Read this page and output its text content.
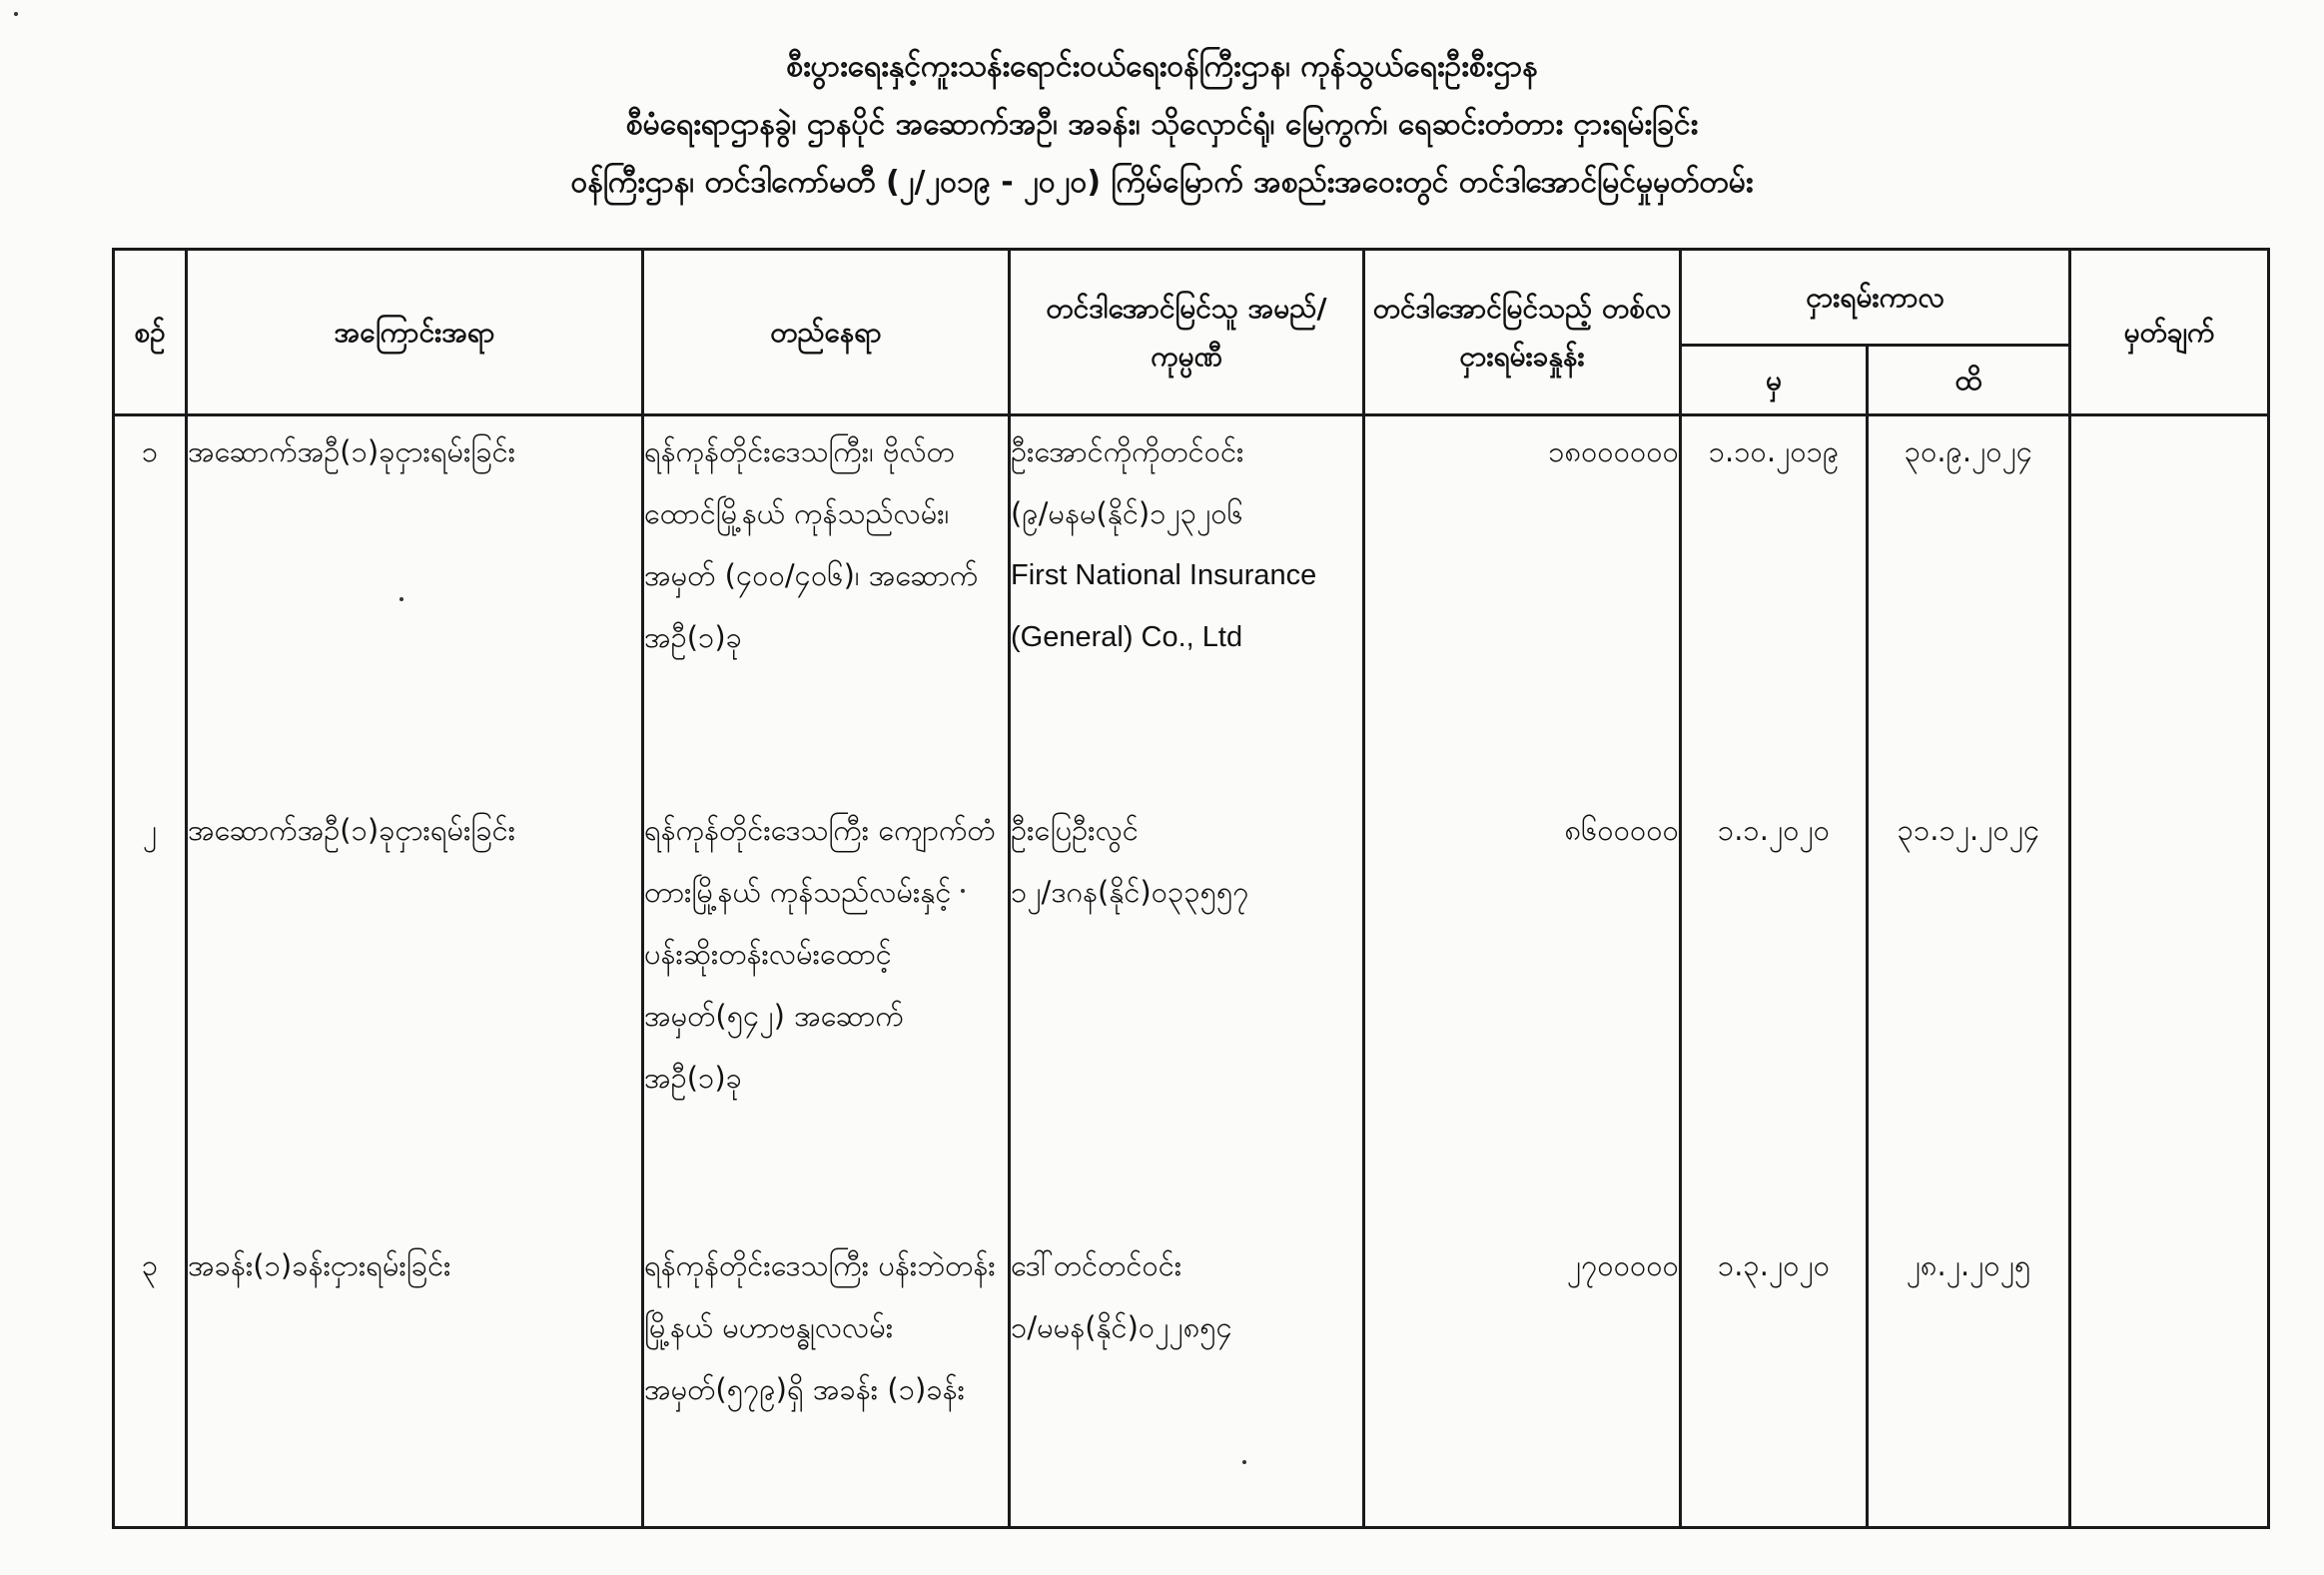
စီးပွားရေးနှင့်ကူးသန်းရောင်းဝယ်ရေးဝန်ကြီးဌာန၊ ကုန်သွယ်ရေးဦးစီးဌာန
စီမံရေးရာဌာနခွဲ၊ ဌာနပိုင် အဆောက်အဦ၊ အခန်း၊ သိုလှောင်ရုံ၊ မြေကွက်၊ ရေဆင်းတံတား ငှားရမ်းခြင်း
ဝန်ကြီးဌာန၊ တင်ဒါကော်မတီ (၂/၂၀၁၉ - ၂၀၂၀) ကြိမ်မြောက် အစည်းအဝေးတွင် တင်ဒါအောင်မြင်မှုမှတ်တမ်း
စဉ်	အကြောင်းအရာ	တည်နေရာ	တင်ဒါအောင်မြင်သူ အမည်/ကုမ္ပဏီ	တင်ဒါအောင်မြင်သည့် တစ်လငှားရမ်းခနှုန်း	ငှားရမ်းကာလ		မှတ်ချက်
					မှ	ထိ	
၁	အဆောက်အဦ(၁)ခုငှားရမ်းခြင်း	ရန်ကုန်တိုင်းဒေသကြီး၊ ဗိုလ်တထောင်မြို့နယ် ကုန်သည်လမ်း၊ အမှတ် (၄၀၀/၄၀၆)၊ အဆောက် အဦ(၁)ခု	ဦးအောင်ကိုကိုတင်ဝင်း
(၉/မနမ(နိုင်)၁၂၃၂၀၆
First National Insurance
(General) Co., Ltd	၁၈၀၀၀၀၀၀	၁.၁၀.၂၀၁၉	၃၀.၉.၂၀၂၄	
၂	အဆောက်အဦ(၁)ခုငှားရမ်းခြင်း	ရန်ကုန်တိုင်းဒေသကြီး ကျောက်တံတားမြို့နယ် ကုန်သည်လမ်းနှင့် ပန်းဆိုးတန်းလမ်းထောင့် အမှတ်(၅၄၂) အဆောက် အဦ(၁)ခု	ဦးပြေဦးလွင်
၁၂/ဒဂန(နိုင်)၀၃၃၅၅၇	၈၆၀၀၀၀၀	၁.၁.၂၀၂၀	၃၁.၁၂.၂၀၂၄	
၃	အခန်း(၁)ခန်းငှားရမ်းခြင်း	ရန်ကုန်တိုင်းဒေသကြီး ပန်းဘဲတန်းမြို့နယ် မဟာဗန္ဓုလလမ်း အမှတ်(၅၇၉)ရှိ အခန်း (၁)ခန်း	ဒေါ်တင်တင်ဝင်း
၁/မမန(နိုင်)၀၂၂၈၅၄	၂၇၀၀၀၀၀	၁.၃.၂၀၂၀	၂၈.၂.၂၀၂၅	
